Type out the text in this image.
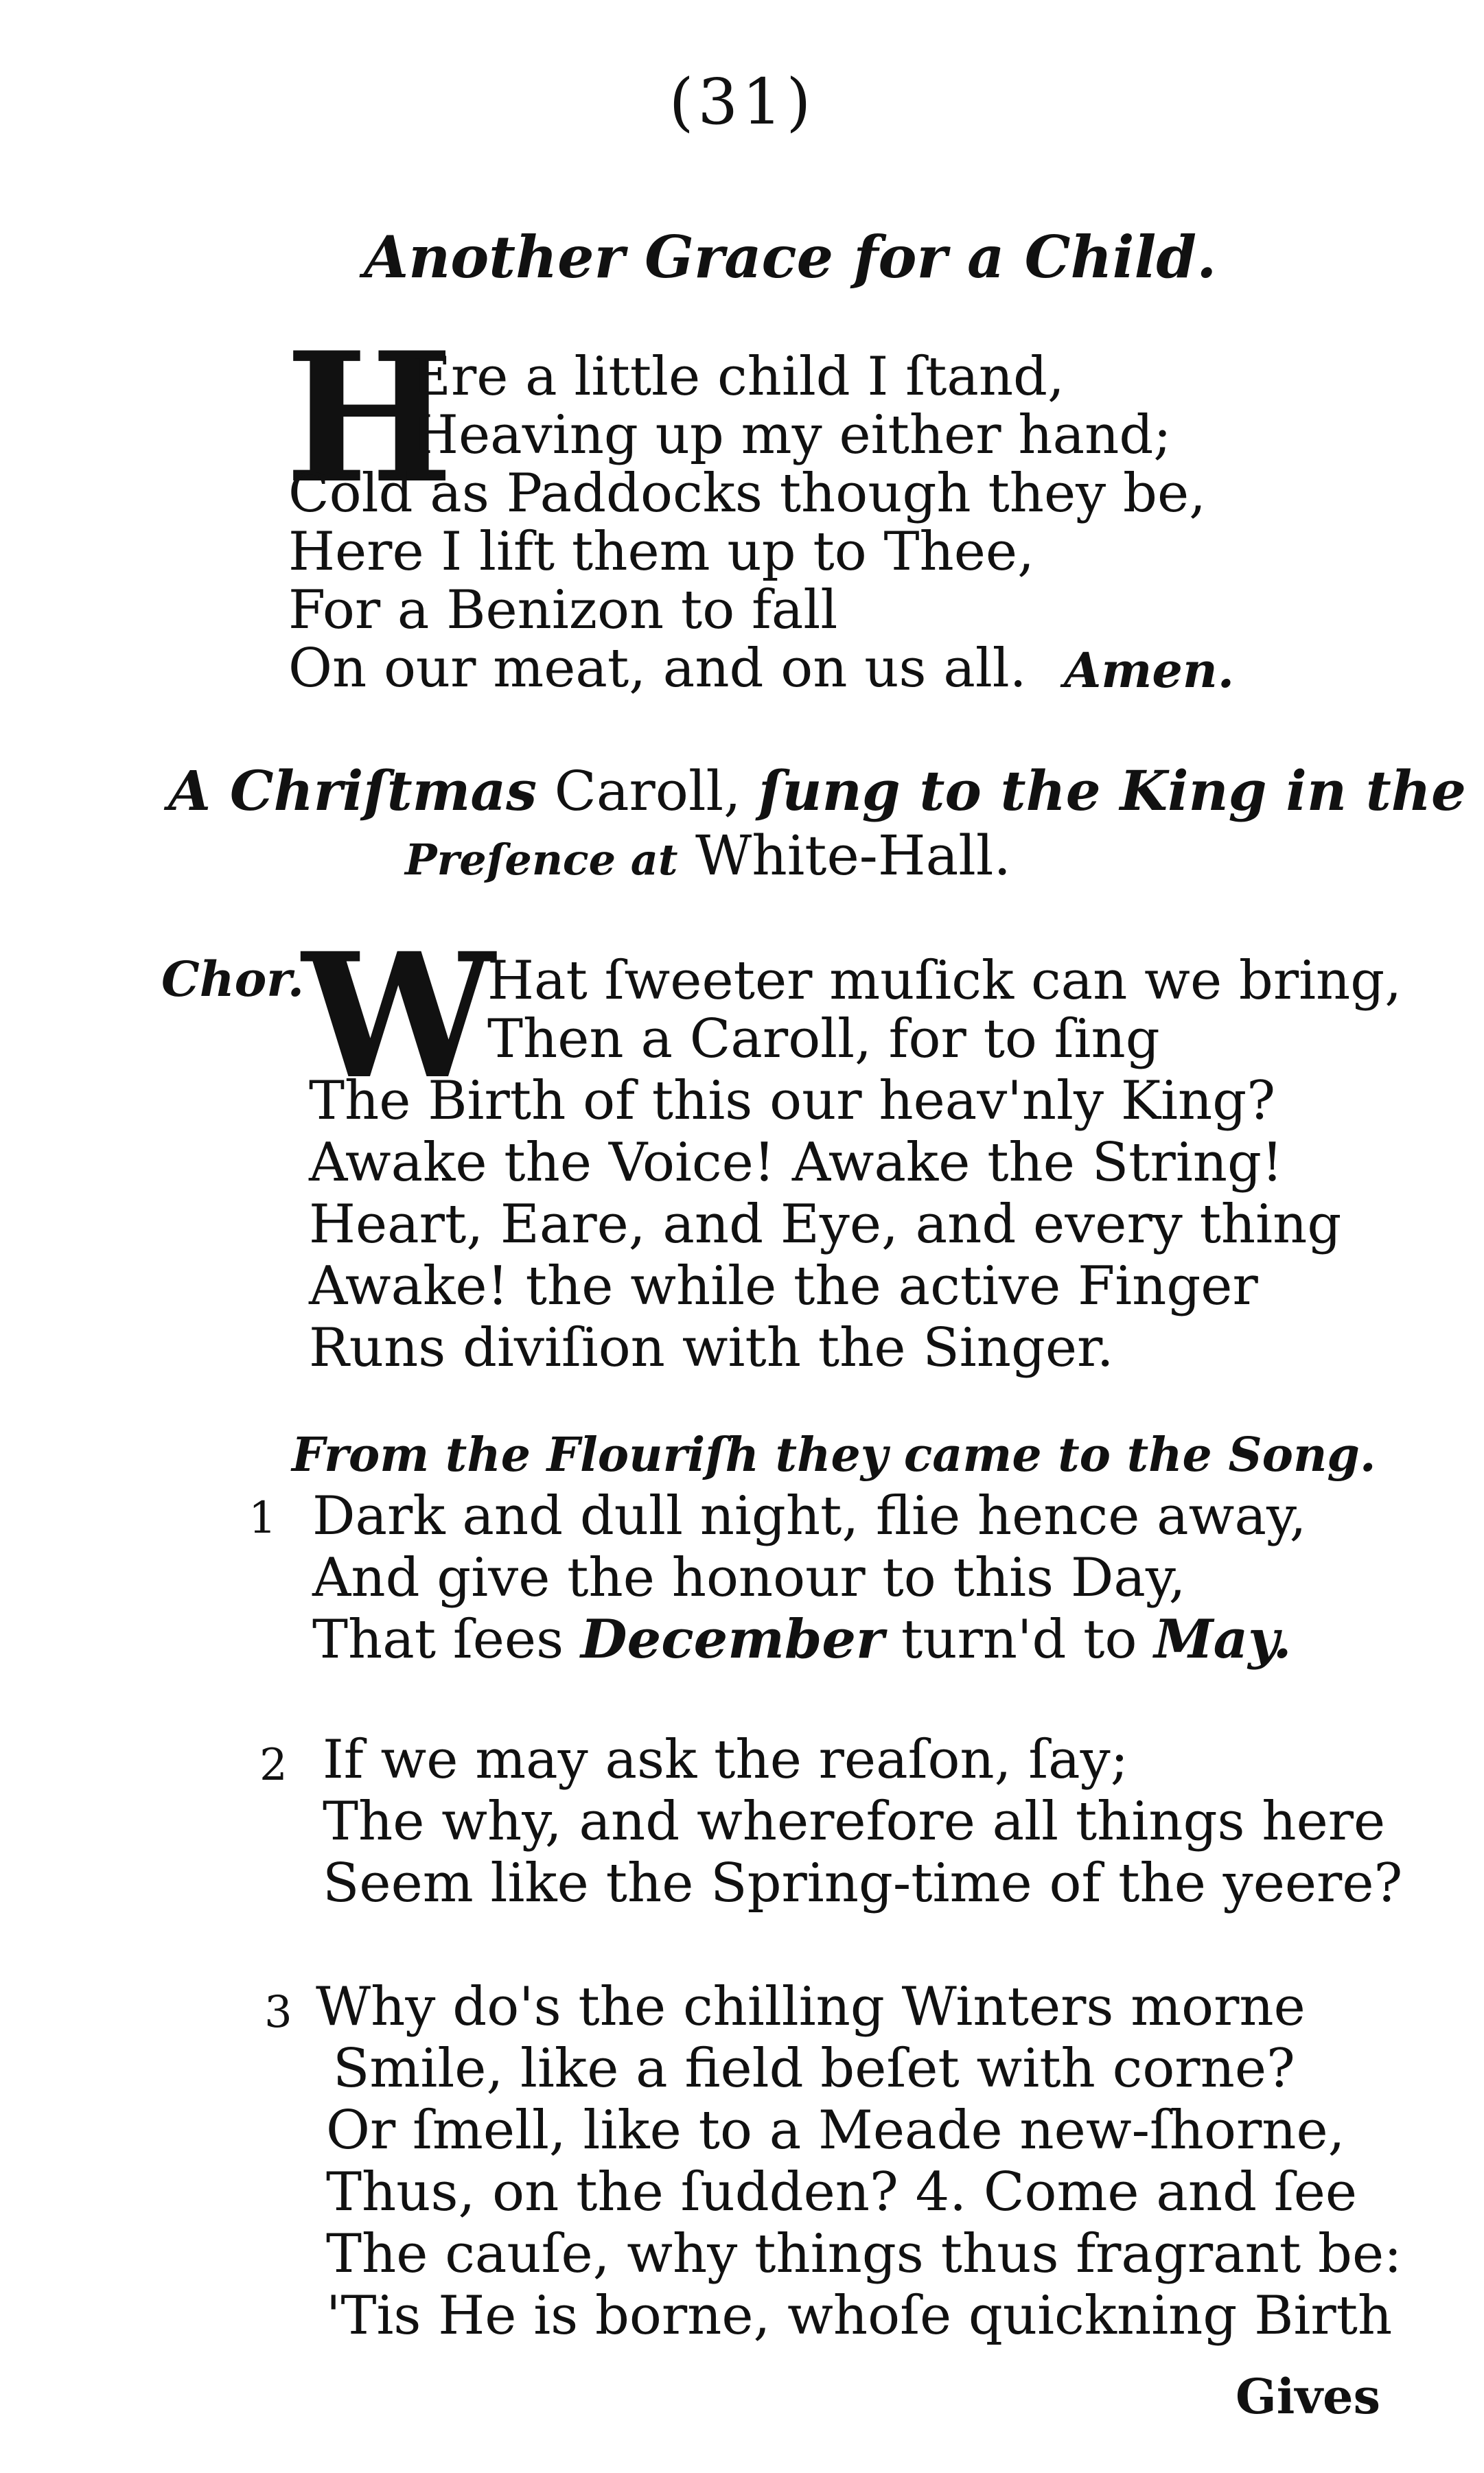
(31)
Another Grace for a Child.
H
Ere a little child I ſtand,
Heaving up my either hand;
Cold as Paddocks though they be,
Here I lift them up to Thee,
For a Benizon to fall
On our meat, and on us all. Amen.
A Chriſtmas Caroll, ſung to the King in the
Preſence at White-Hall.
Chor.
W
Hat ſweeter muſick can we bring,
Then a Caroll, for to ſing
The Birth of this our heav'nly King?
Awake the Voice! Awake the String!
Heart, Eare, and Eye, and every thing
Awake! the while the active Finger
Runs diviſion with the Singer.
From the Flouriſh they came to the Song.
1 Dark and dull night, flie hence away,
And give the honour to this Day,
That ſees December turn'd to May.
2 If we may ask the reaſon, ſay;
The why, and wherefore all things here
Seem like the Spring-time of the yeere?
3 Why do's the chilling Winters morne
Smile, like a field beſet with corne?
Or ſmell, like to a Meade new-ſhorne,
Thus, on the ſudden? 4. Come and ſee
The cauſe, why things thus fragrant be:
'Tis He is borne, whoſe quickning Birth
Gives
